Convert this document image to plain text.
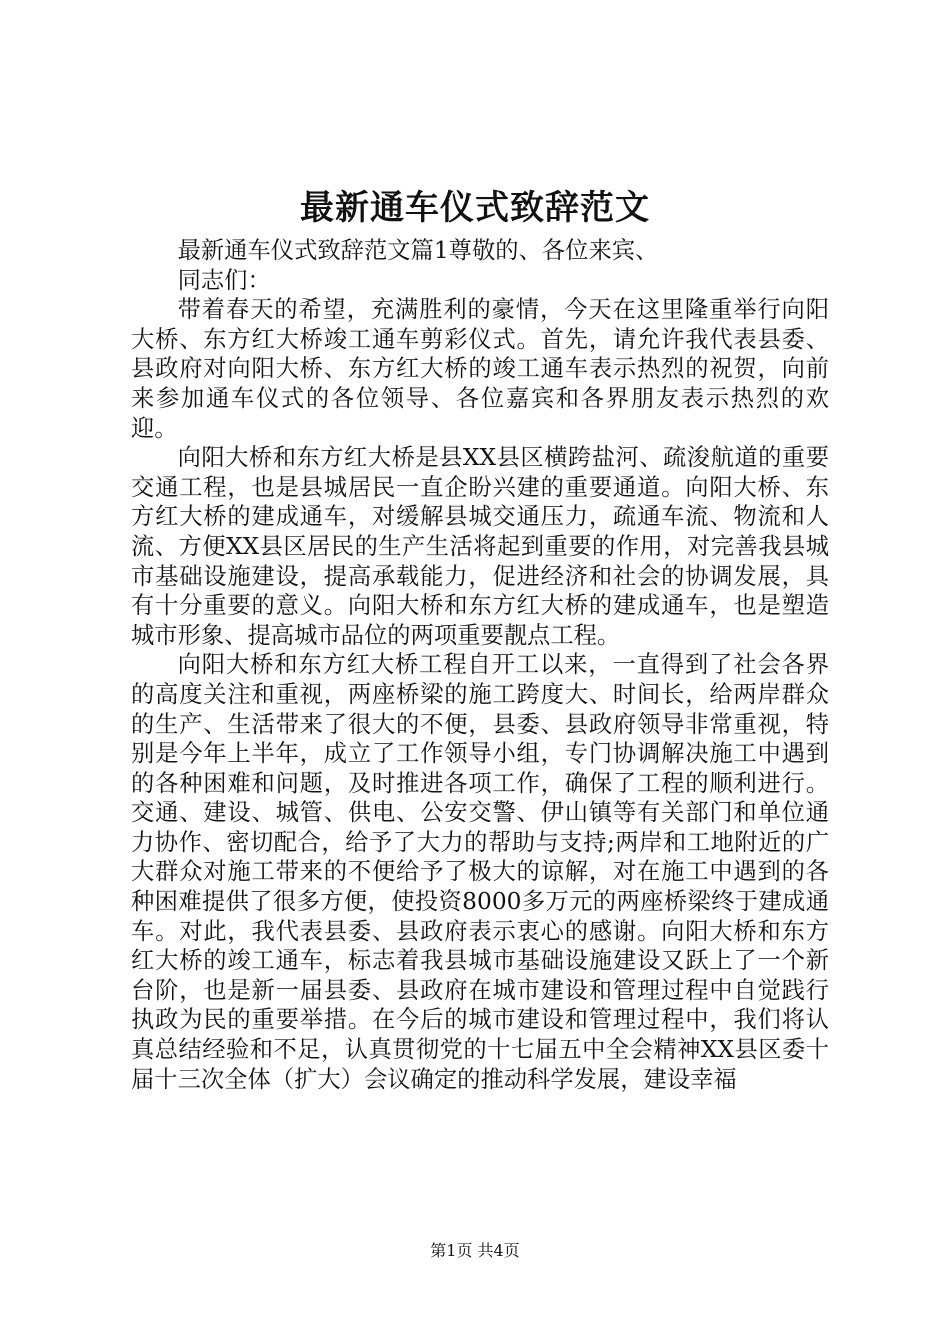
最新通车仪式致辞范文

最新通车仪式致辞范文篇1尊敬的、各位来宾、

同志们：

带着春天的希望，充满胜利的豪情，今天在这里隆重举行向阳大桥、东方红大桥竣工通车剪彩仪式。首先，请允许我代表县委、县政府对向阳大桥、东方红大桥的竣工通车表示热烈的祝贺，向前来参加通车仪式的各位领导、各位嘉宾和各界朋友表示热烈的欢迎。

向阳大桥和东方红大桥是县XX县区横跨盐河、疏浚航道的重要交通工程，也是县城居民一直企盼兴建的重要通道。向阳大桥、东方红大桥的建成通车，对缓解县城交通压力，疏通车流、物流和人流、方便XX县区居民的生产生活将起到重要的作用，对完善我县城市基础设施建设，提高承载能力，促进经济和社会的协调发展，具有十分重要的意义。向阳大桥和东方红大桥的建成通车，也是塑造城市形象、提高城市品位的两项重要靓点工程。

向阳大桥和东方红大桥工程自开工以来，一直得到了社会各界的高度关注和重视，两座桥梁的施工跨度大、时间长，给两岸群众的生产、生活带来了很大的不便，县委、县政府领导非常重视，特别是今年上半年，成立了工作领导小组，专门协调解决施工中遇到的各种困难和问题，及时推进各项工作，确保了工程的顺利进行。交通、建设、城管、供电、公安交警、伊山镇等有关部门和单位通力协作、密切配合，给予了大力的帮助与支持;两岸和工地附近的广大群众对施工带来的不便给予了极大的谅解，对在施工中遇到的各种困难提供了很多方便，使投资8000多万元的两座桥梁终于建成通车。对此，我代表县委、县政府表示衷心的感谢。向阳大桥和东方红大桥的竣工通车，标志着我县城市基础设施建设又跃上了一个新台阶，也是新一届县委、县政府在城市建设和管理过程中自觉践行执政为民的重要举措。在今后的城市建设和管理过程中，我们将认真总结经验和不足，认真贯彻党的十七届五中全会精神XX县区委十届十三次全体（扩大）会议确定的推动科学发展，建设幸福

第1页 共4页
